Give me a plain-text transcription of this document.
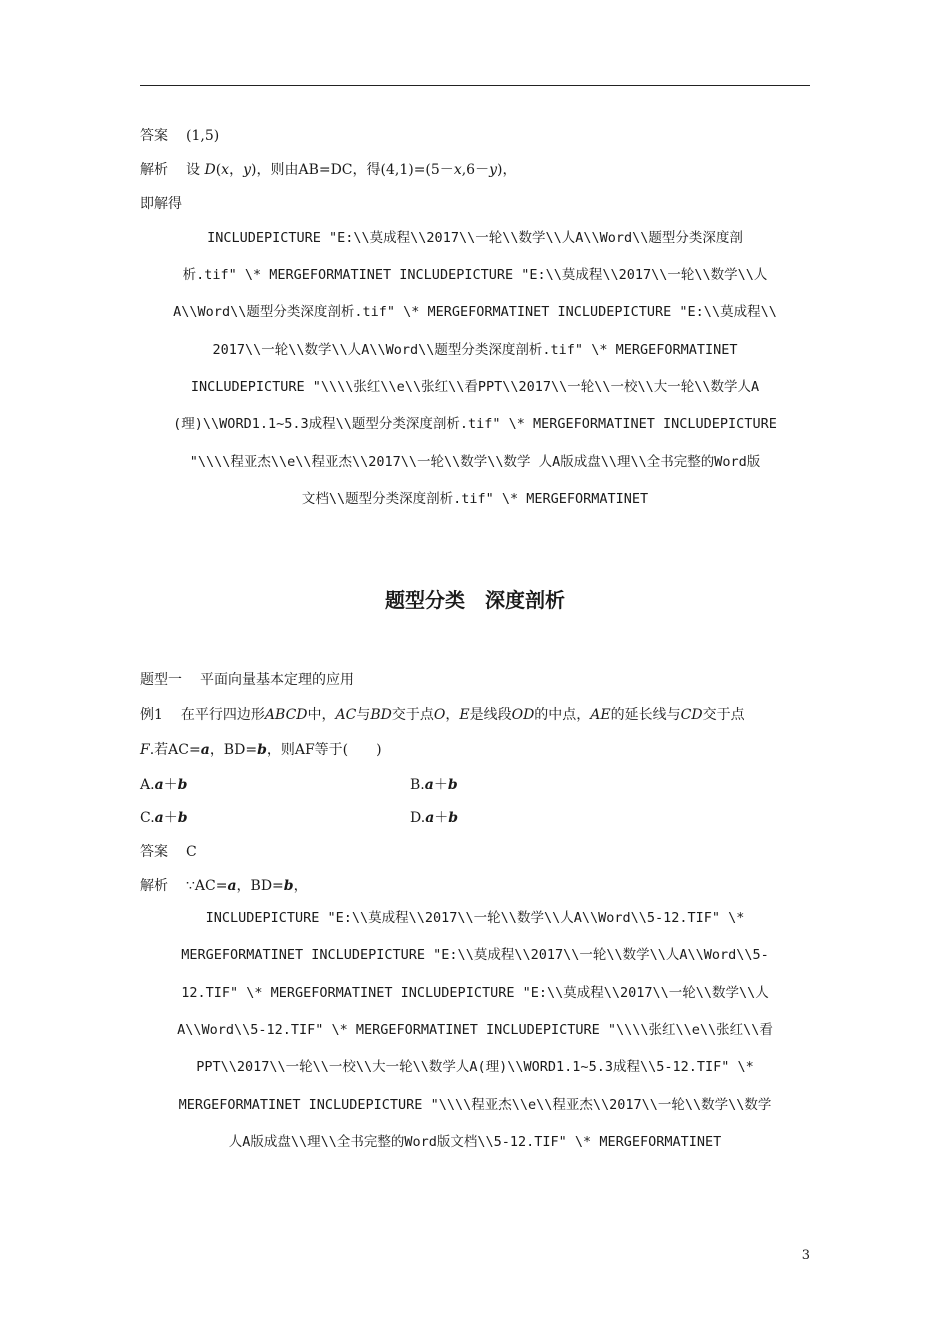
答案 (1,5)
解析 设 D(x，y)，则由AB=DC，得(4,1)=(5－x,6－y)，
即解得
INCLUDEPICTURE "E:\\莫成程\\2017\\一轮\\数学\\人A\\Word\\题型分类深度剖
析.tif" \* MERGEFORMATINET INCLUDEPICTURE "E:\\莫成程\\2017\\一轮\\数学\\人
A\\Word\\题型分类深度剖析.tif" \* MERGEFORMATINET INCLUDEPICTURE "E:\\莫成程\\
2017\\一轮\\数学\\人A\\Word\\题型分类深度剖析.tif" \* MERGEFORMATINET
INCLUDEPICTURE "\\\\张红\\e\\张红\\看PPT\\2017\\一轮\\一校\\大一轮\\数学人A
(理)\\WORD1.1~5.3成程\\题型分类深度剖析.tif" \* MERGEFORMATINET INCLUDEPICTURE
"\\\\程亚杰\\e\\程亚杰\\2017\\一轮\\数学\\数学 人A版成盘\\理\\全书完整的Word版
文档\\题型分类深度剖析.tif" \* MERGEFORMATINET
题型分类　深度剖析
题型一 平面向量基本定理的应用
例1 在平行四边形ABCD中，AC与BD交于点O，E是线段OD的中点，AE的延长线与CD交于点
F.若AC=a，BD=b，则AF等于(　　)
A.a＋b	B.a＋b
C.a＋b	D.a＋b
答案 C
解析 ∵AC=a，BD=b，
INCLUDEPICTURE "E:\\莫成程\\2017\\一轮\\数学\\人A\\Word\\5-12.TIF" \*
MERGEFORMATINET INCLUDEPICTURE "E:\\莫成程\\2017\\一轮\\数学\\人A\\Word\\5-
12.TIF" \* MERGEFORMATINET INCLUDEPICTURE "E:\\莫成程\\2017\\一轮\\数学\\人
A\\Word\\5-12.TIF" \* MERGEFORMATINET INCLUDEPICTURE "\\\\张红\\e\\张红\\看
PPT\\2017\\一轮\\一校\\大一轮\\数学人A(理)\\WORD1.1~5.3成程\\5-12.TIF" \*
MERGEFORMATINET INCLUDEPICTURE "\\\\程亚杰\\e\\程亚杰\\2017\\一轮\\数学\\数学
人A版成盘\\理\\全书完整的Word版文档\\5-12.TIF" \* MERGEFORMATINET
3
